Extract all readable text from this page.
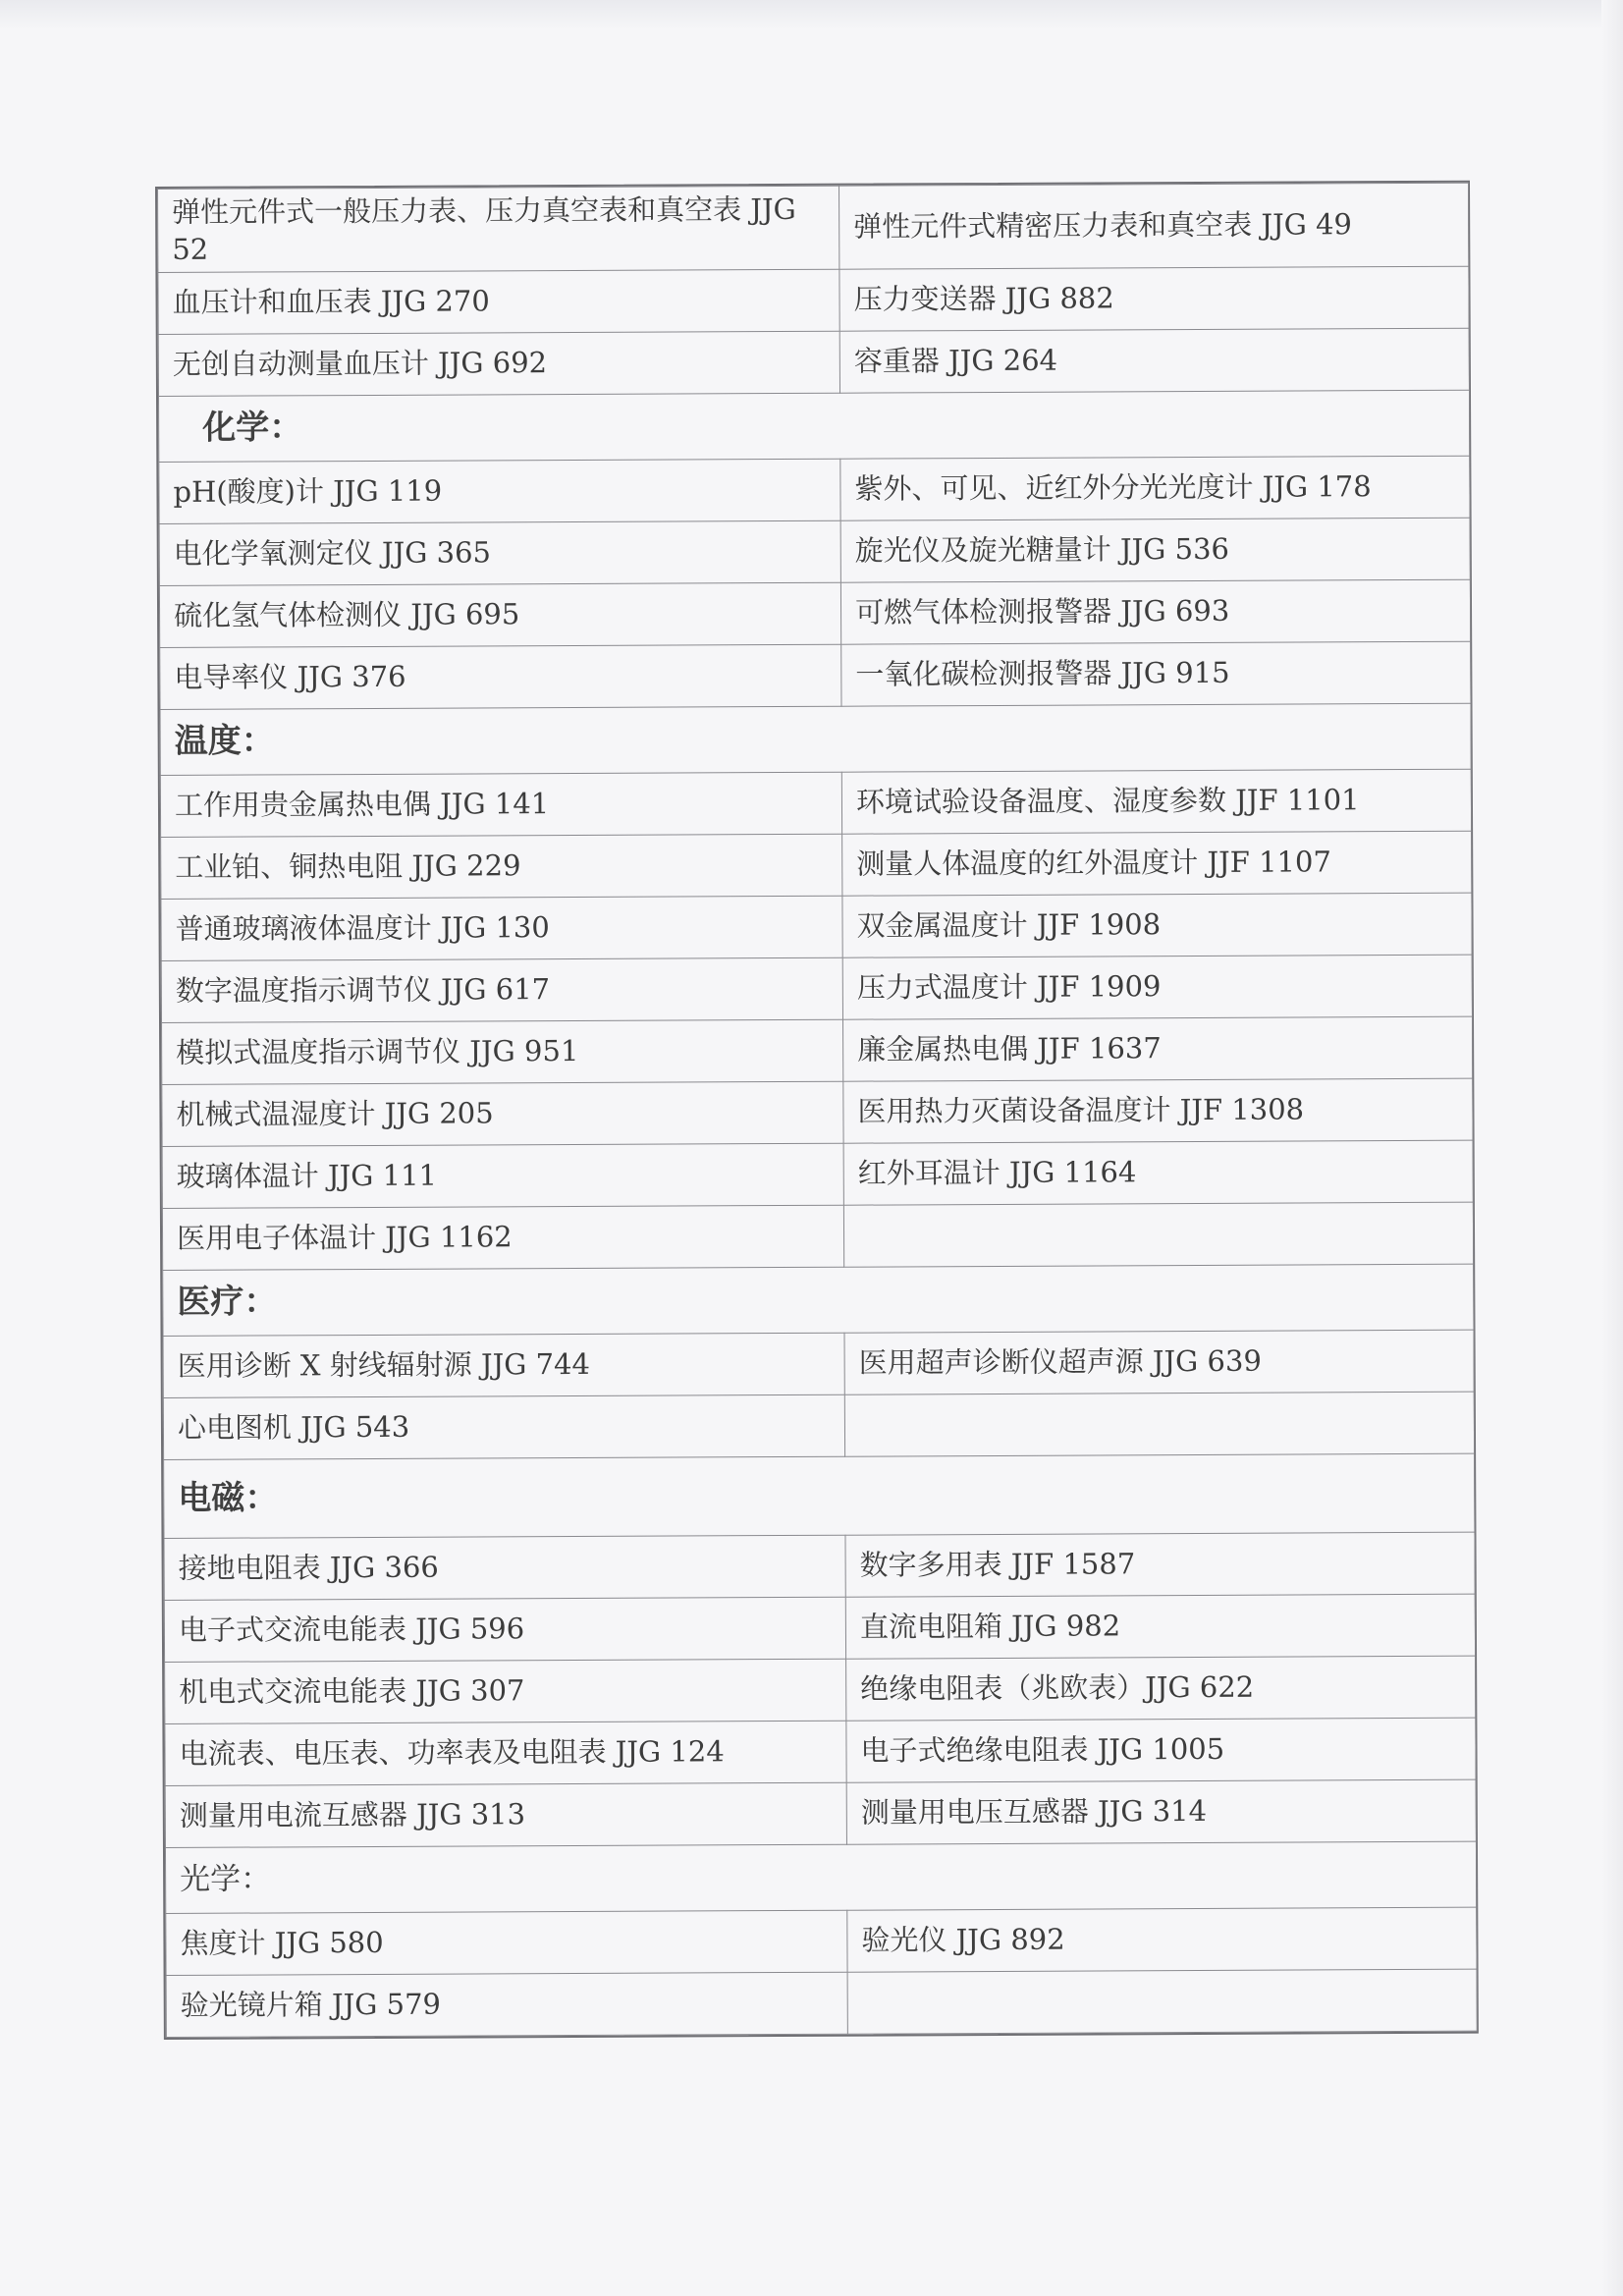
弹性元件式一般压力表、压力真空表和真空表 JJG 52	弹性元件式精密压力表和真空表 JJG 49
血压计和血压表 JJG 270	压力变送器 JJG 882
无创自动测量血压计 JJG 692	容重器 JJG 264
化学：	
pH(酸度)计 JJG 119	紫外、可见、近红外分光光度计 JJG 178
电化学氧测定仪 JJG 365	旋光仪及旋光糖量计 JJG 536
硫化氢气体检测仪 JJG 695	可燃气体检测报警器 JJG 693
电导率仪 JJG 376	一氧化碳检测报警器 JJG 915
温度：	
工作用贵金属热电偶 JJG 141	环境试验设备温度、湿度参数 JJF 1101
工业铂、铜热电阻 JJG 229	测量人体温度的红外温度计 JJF 1107
普通玻璃液体温度计 JJG 130	双金属温度计 JJF 1908
数字温度指示调节仪 JJG 617	压力式温度计 JJF 1909
模拟式温度指示调节仪 JJG 951	廉金属热电偶 JJF 1637
机械式温湿度计 JJG 205	医用热力灭菌设备温度计 JJF 1308
玻璃体温计 JJG 111	红外耳温计 JJG 1164
医用电子体温计 JJG 1162	
医疗：	
医用诊断 X 射线辐射源 JJG 744	医用超声诊断仪超声源 JJG 639
心电图机 JJG 543	
电磁：	
接地电阻表 JJG 366	数字多用表 JJF 1587
电子式交流电能表 JJG 596	直流电阻箱 JJG 982
机电式交流电能表 JJG 307	绝缘电阻表（兆欧表）JJG 622
电流表、电压表、功率表及电阻表 JJG 124	电子式绝缘电阻表 JJG 1005
测量用电流互感器 JJG 313	测量用电压互感器 JJG 314
光学：	
焦度计 JJG 580	验光仪 JJG 892
验光镜片箱 JJG 579	
